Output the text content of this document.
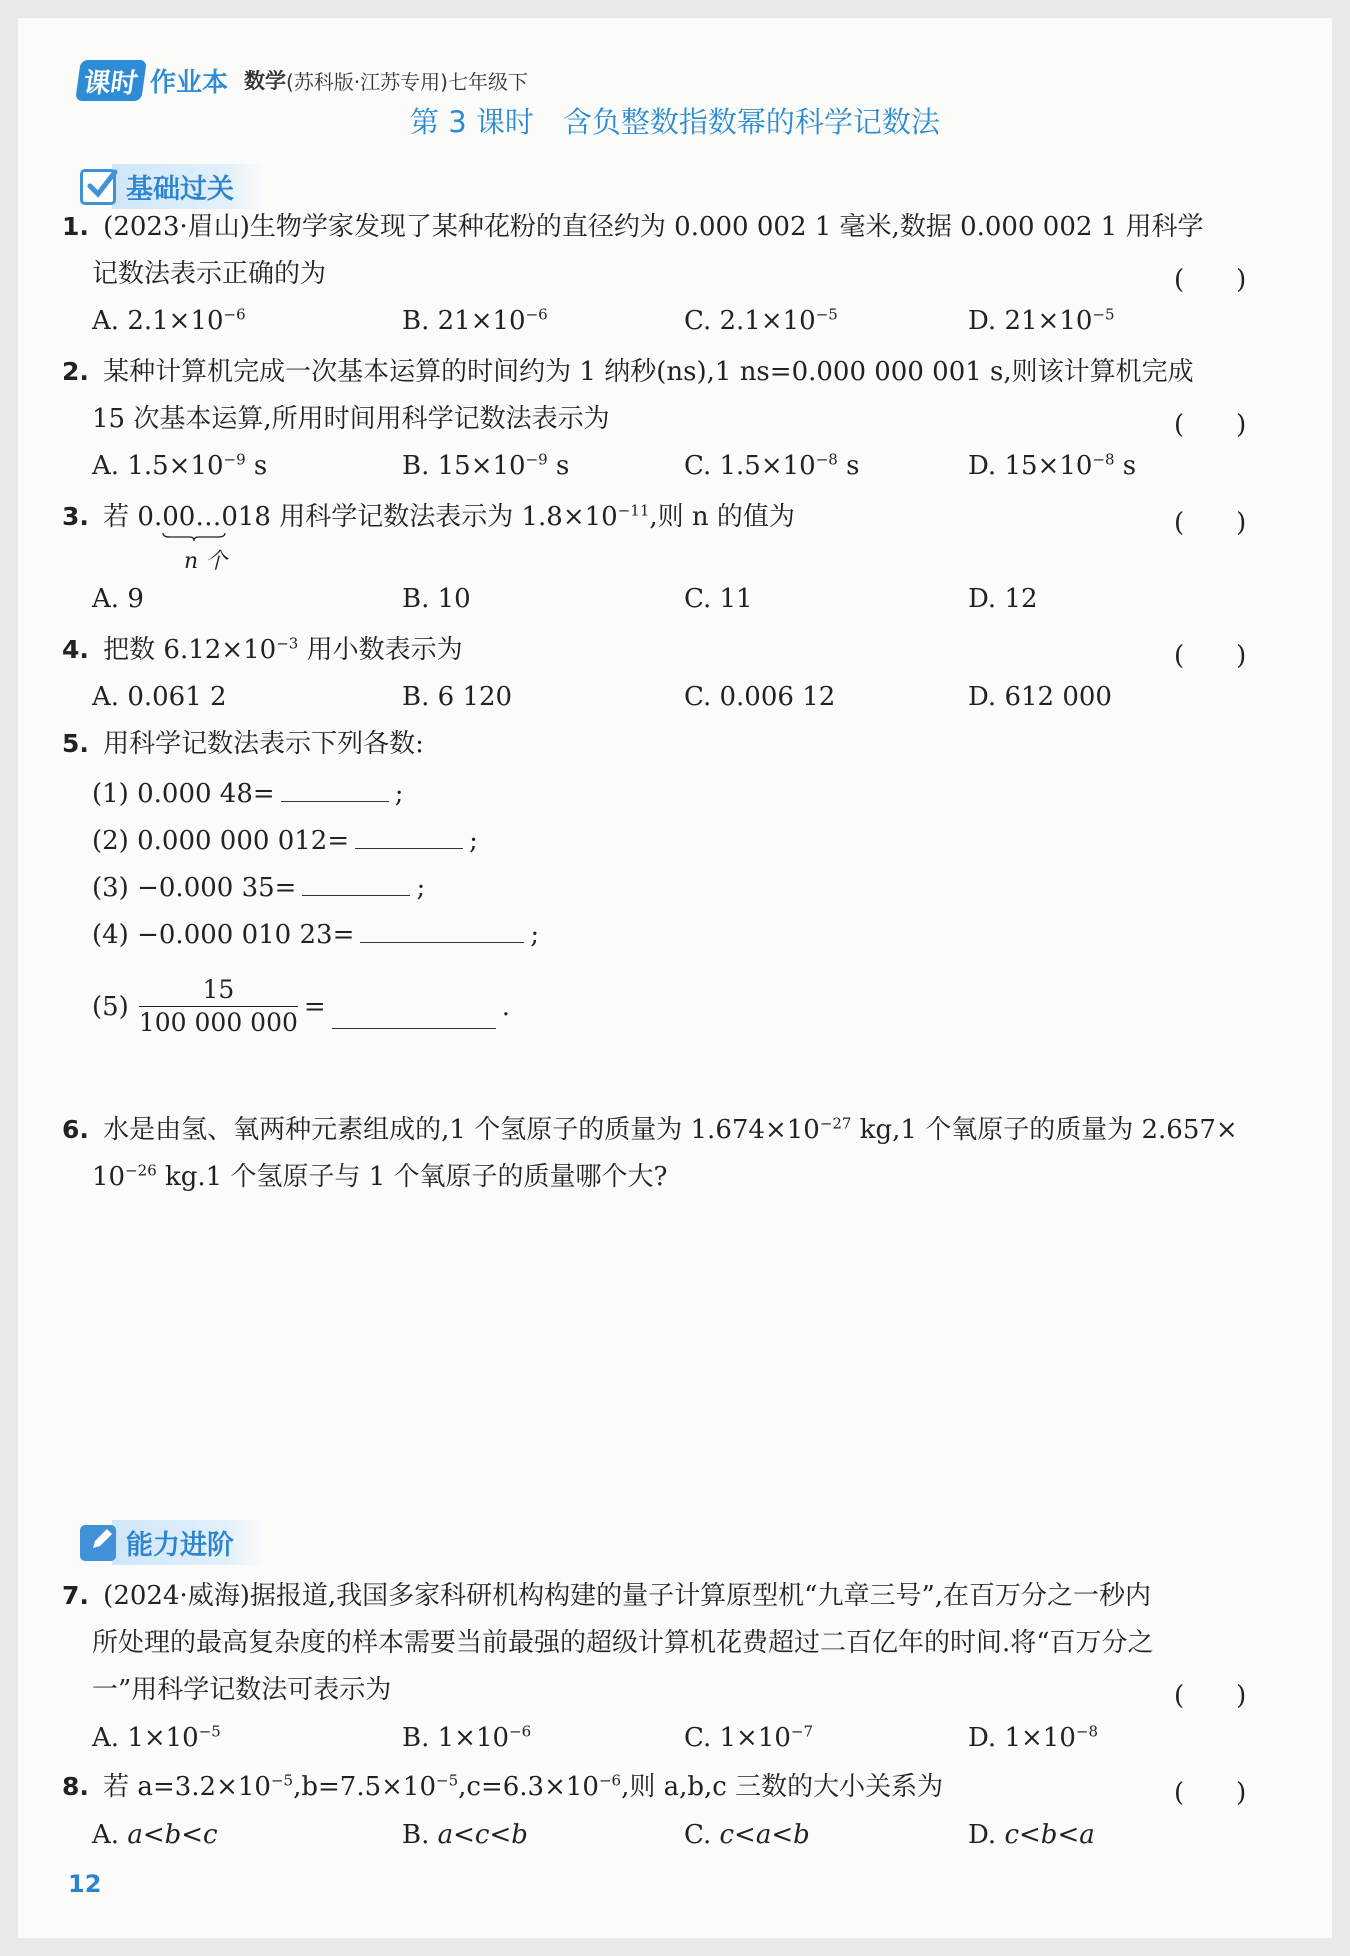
课时 作业本 数学 (苏科版·江苏专用)七年级下
第 3 课时　含负整数指数幂的科学记数法
基础过关
1. (2023·眉山)生物学家发现了某种花粉的直径约为 0.000 002 1 毫米,数据 0.000 002 1 用科学
记数法表示正确的为	(　　)
A. $2.1\times 10^{-6}$	B. $21\times 10^{-6}$	C. $2.1\times 10^{-5}$	D. $21\times 10^{-5}$
2. 某种计算机完成一次基本运算的时间约为 1 纳秒(ns),1 ns=0.000 000 001 s,则该计算机完成
15 次基本运算,所用时间用科学记数法表示为	(　　)
A. $1.5\times 10^{-9}$ s	B. $15\times 10^{-9}$ s	C. $1.5\times 10^{-8}$ s	D. $15\times 10^{-8}$ s
3. 若 0.00…0
18 用科学记数法表示为 $1.8\times 10^{-11}$,则 n 的值为	(　　)
n 个
A. 9	B. 10	C. 11	D. 12
4. 把数 $6.12\times 10^{-3}$ 用小数表示为	(　　)
A. 0.061 2	B. 6 120	C. 0.006 12	D. 612 000
5. 用科学记数法表示下列各数:
(1) 0.000 48=	;
(2) 0.000 000 012=	;
(3) −0.000 35=	;
(4) −0.000 010 23=	;
$(5) \frac{15}{100 000 000}$ =	.
6. 水是由氢、氧两种元素组成的,1 个氢原子的质量为 $1.674\times 10^{-27}$ kg,1 个氧原子的质量为 2.657×
$10^{-26}$ kg.1 个氢原子与 1 个氧原子的质量哪个大?
能力进阶
7. (2024·威海)据报道,我国多家科研机构构建的量子计算原型机“九章三号”,在百万分之一秒内
所处理的最高复杂度的样本需要当前最强的超级计算机花费超过二百亿年的时间.将“百万分之
一”用科学记数法可表示为	(　　)
A. $1\times 10^{-5}$	B. $1\times 10^{-6}$	C. $1\times 10^{-7}$	D. $1\times 10^{-8}$
8. 若 $a=3.2\times 10^{-5},b=7.5\times 10^{-5},c=6.3\times 10^{-6}$,则 a,b,c 三数的大小关系为	(　　)
A. a<b<c	B. a<c<b	C. c<a<b	D. c<b<a
12
